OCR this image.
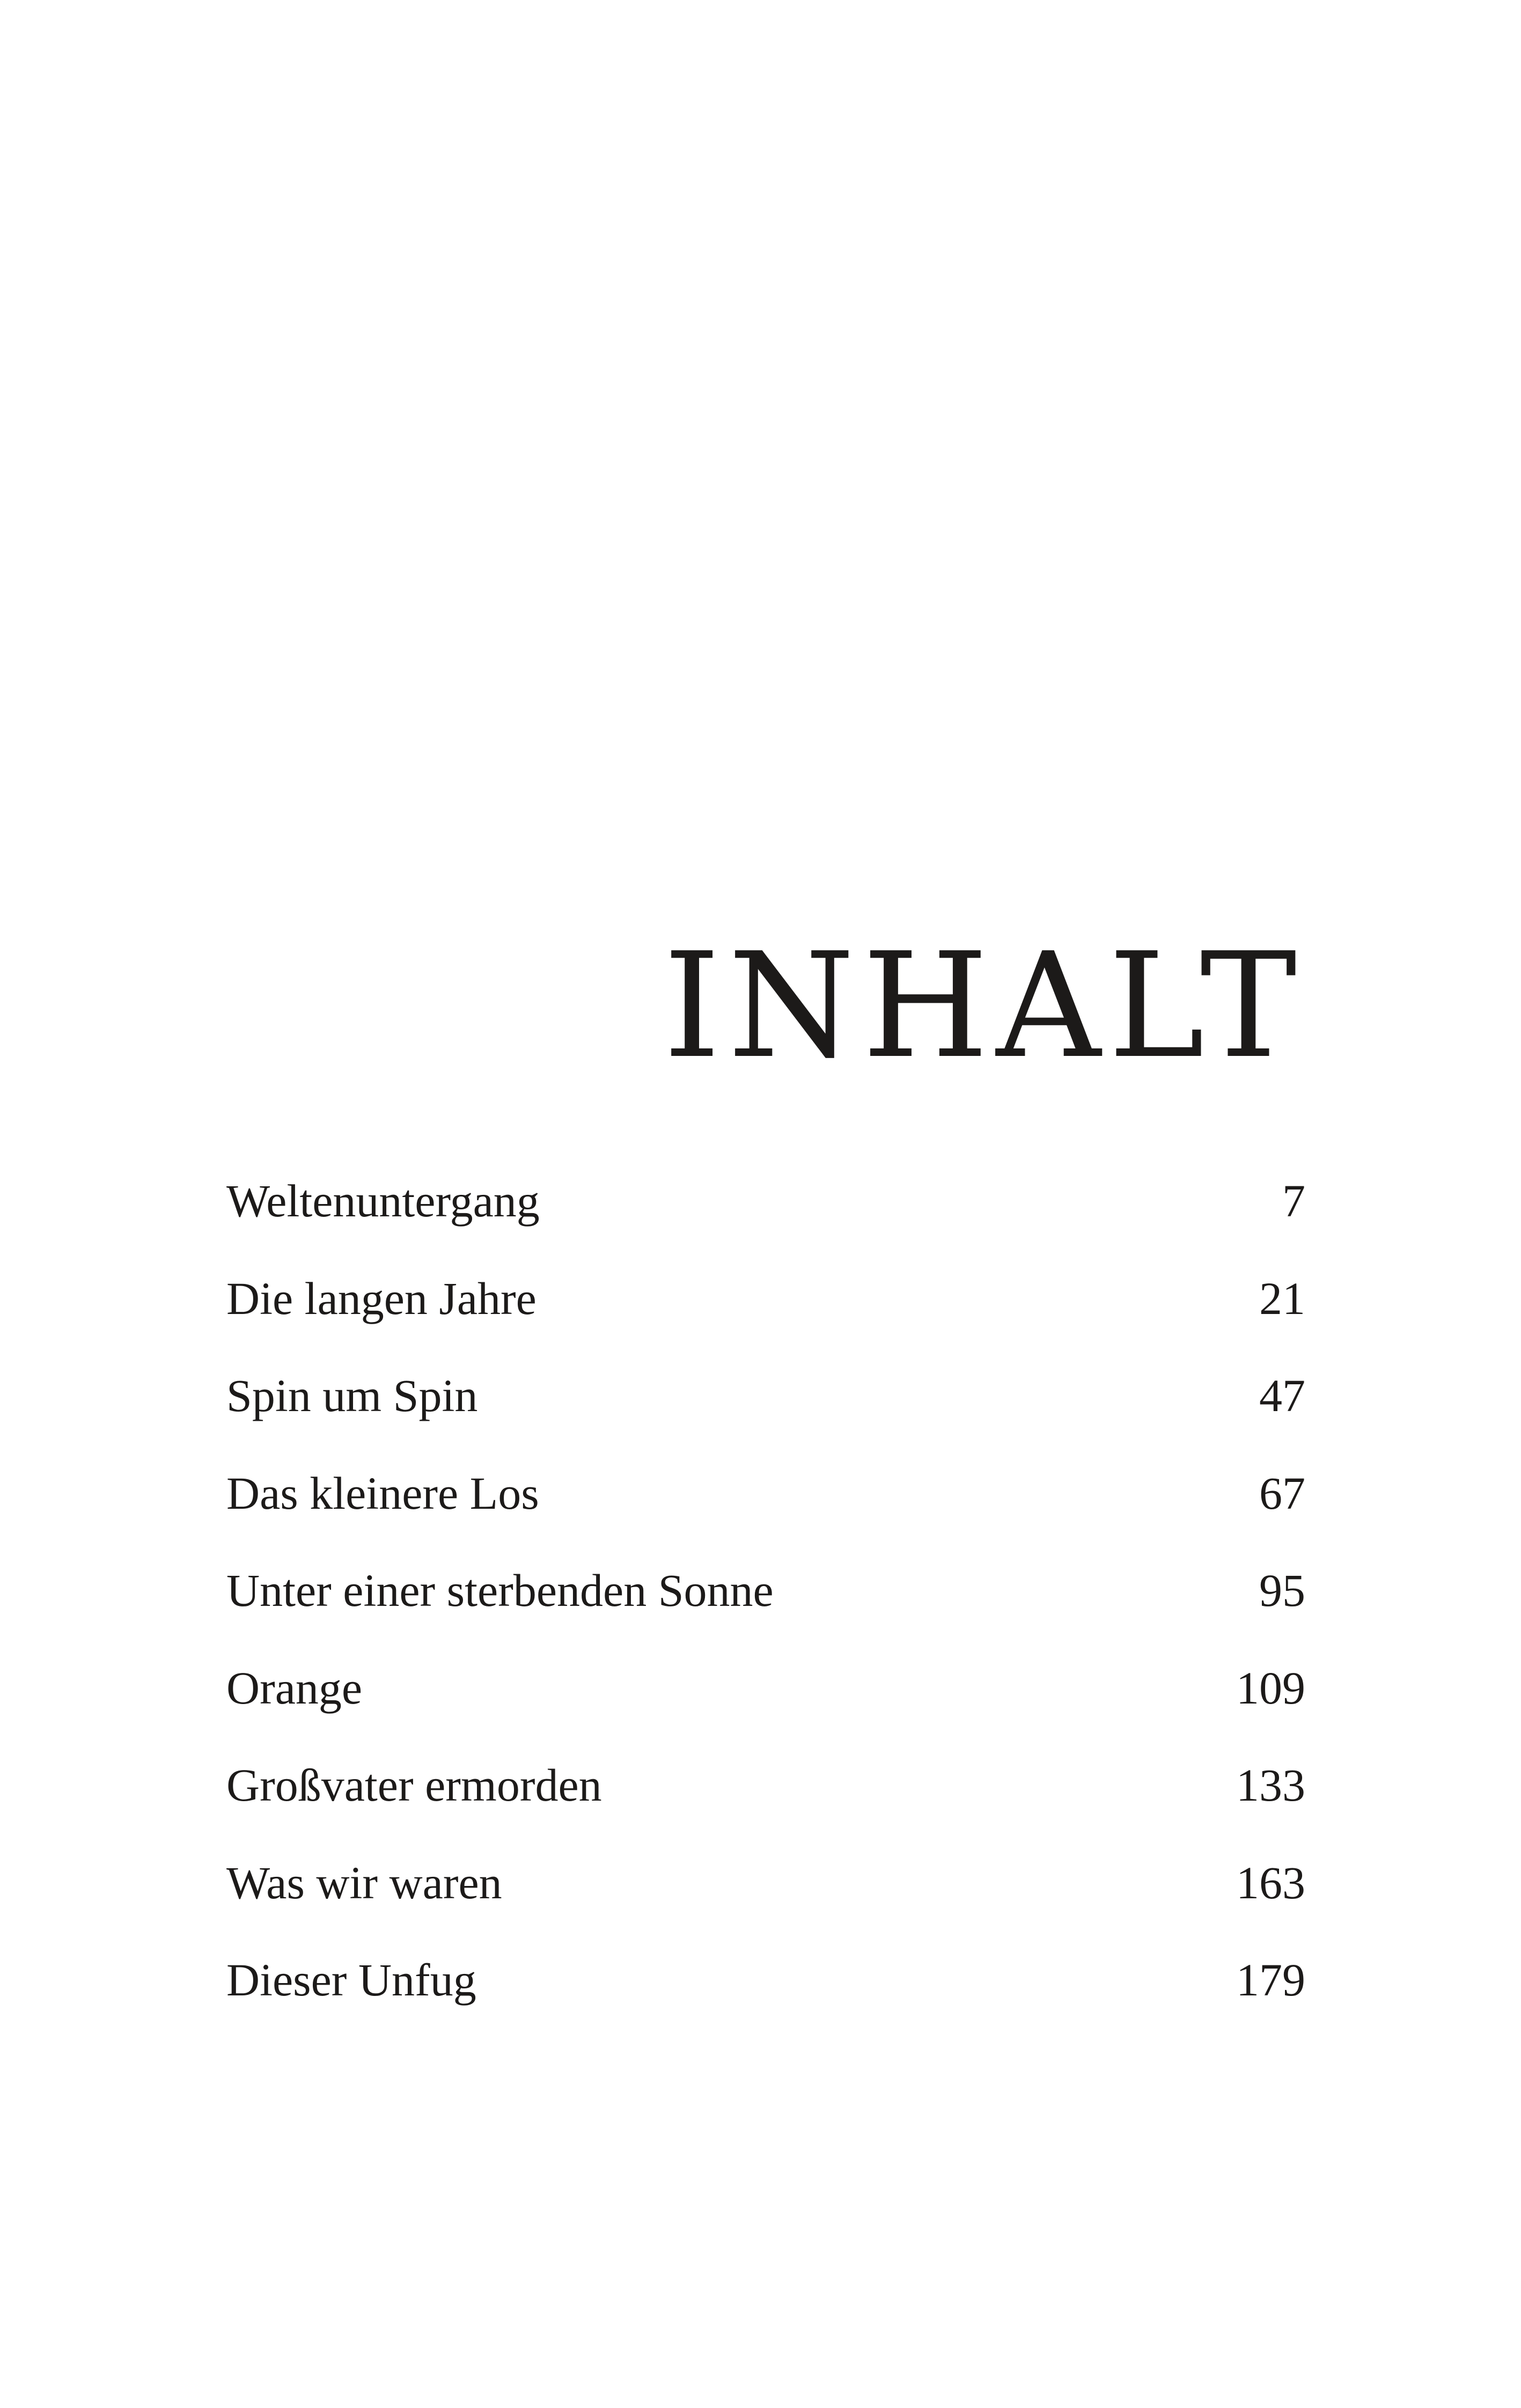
INHALT
Weltenuntergang	7
Die langen Jahre	21
Spin um Spin	47
Das kleinere Los	67
Unter einer sterbenden Sonne	95
Orange	109
Großvater ermorden	133
Was wir waren	163
Dieser Unfug	179
